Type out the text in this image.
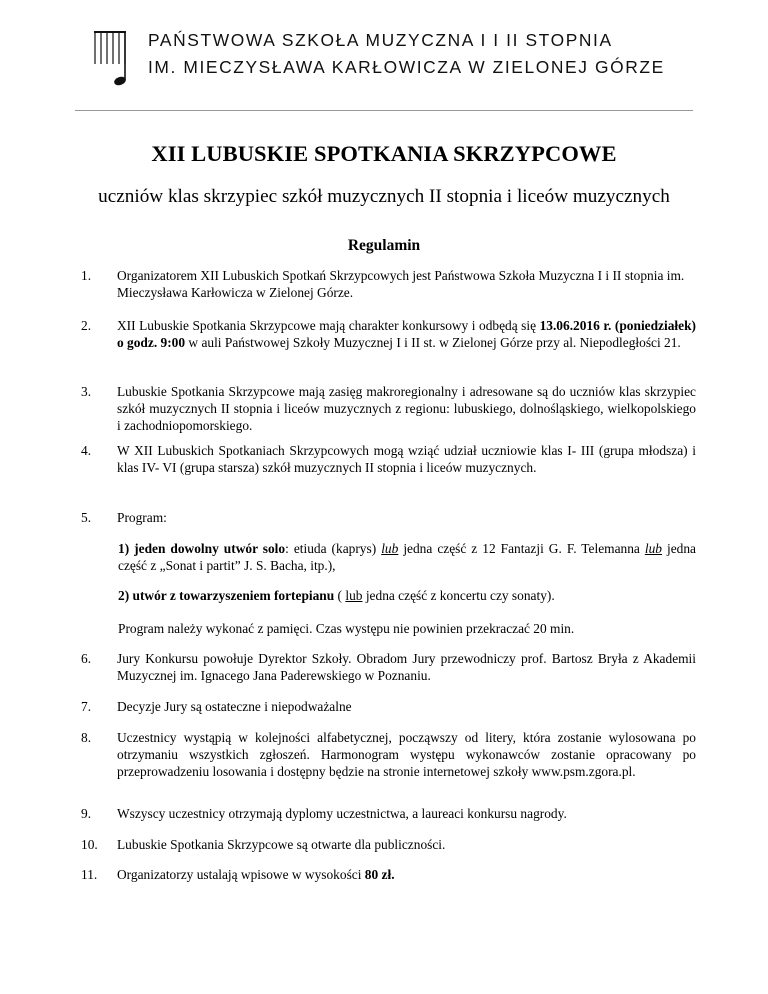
PAŃSTWOWA SZKOŁA MUZYCZNA I I II STOPNIA
IM. MIECZYSŁAWA KARŁOWICZA W ZIELONEJ GÓRZE
XII LUBUSKIE SPOTKANIA SKRZYPCOWE
uczniów klas skrzypiec szkół muzycznych II stopnia i liceów muzycznych
Regulamin
1. Organizatorem XII Lubuskich Spotkań Skrzypcowych jest Państwowa Szkoła Muzyczna I i II stopnia im. Mieczysława Karłowicza w Zielonej Górze.
2. XII Lubuskie Spotkania Skrzypcowe mają charakter konkursowy i odbędą się 13.06.2016 r. (poniedziałek) o godz. 9:00 w auli Państwowej Szkoły Muzycznej I i II st. w Zielonej Górze przy al. Niepodległości 21.
3. Lubuskie Spotkania Skrzypcowe mają zasięg makroregionalny i adresowane są do uczniów klas skrzypiec szkół muzycznych II stopnia i liceów muzycznych z regionu: lubuskiego, dolnośląskiego, wielkopolskiego i zachodniopomorskiego.
4. W XII Lubuskich Spotkaniach Skrzypcowych mogą wziąć udział uczniowie klas I- III (grupa młodsza) i klas IV- VI (grupa starsza) szkół muzycznych II stopnia i liceów muzycznych.
5. Program:
1) jeden dowolny utwór solo: etiuda (kaprys) lub jedna część z 12 Fantazji G. F. Telemanna lub jedna część z „Sonat i partit” J. S. Bacha, itp.),
2) utwór z towarzyszeniem fortepianu ( lub jedna część z koncertu czy sonaty).
Program należy wykonać z pamięci. Czas występu nie powinien przekraczać 20 min.
6. Jury Konkursu powołuje Dyrektor Szkoły. Obradom Jury przewodniczy prof. Bartosz Bryła z Akademii Muzycznej im. Ignacego Jana Paderewskiego w Poznaniu.
7. Decyzje Jury są ostateczne i niepodważalne
8. Uczestnicy wystąpią w kolejności alfabetycznej, począwszy od litery, która zostanie wylosowana po otrzymaniu wszystkich zgłoszeń. Harmonogram występu wykonawców zostanie opracowany po przeprowadzeniu losowania i dostępny będzie na stronie internetowej szkoły www.psm.zgora.pl.
9. Wszyscy uczestnicy otrzymają dyplomy uczestnictwa, a laureaci konkursu nagrody.
10. Lubuskie Spotkania Skrzypcowe są otwarte dla publiczności.
11. Organizatorzy ustalają wpisowe w wysokości 80 zł.
